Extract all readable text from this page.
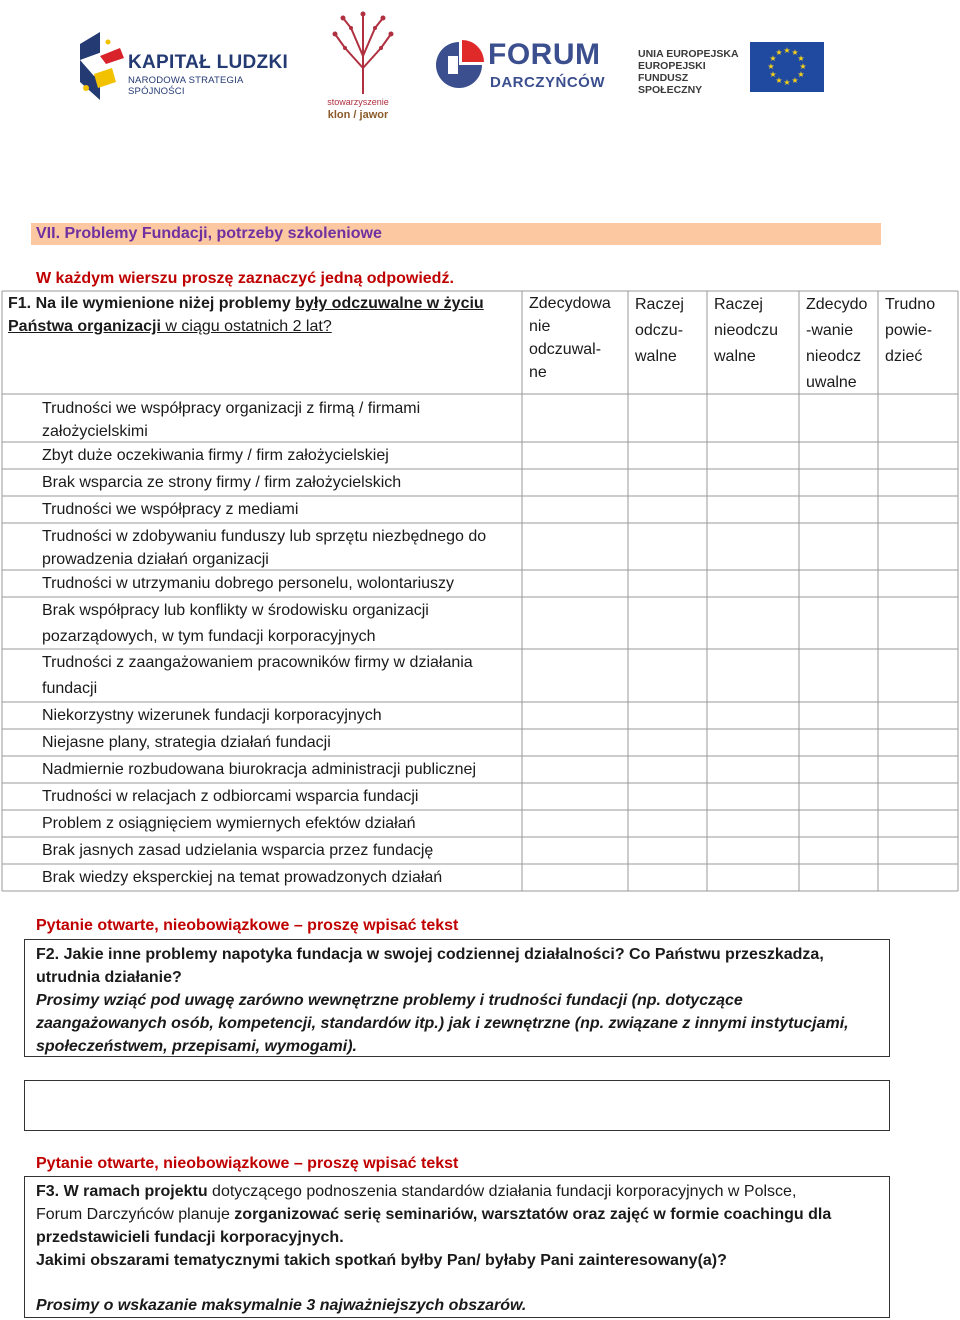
KAPITAŁ LUDZKI
NARODOWA STRATEGIA SPÓJNOŚCI
stowarzyszenie
klon / jawor
FORUM
DARCZYŃCÓW
UNIA EUROPEJSKA
EUROPEJSKI
FUNDUSZ SPOŁECZNY
★ ★
★
★
★
★
★
★
★
★
★
★
VII. Problemy Fundacji, potrzeby szkoleniowe
W każdym wierszu proszę zaznaczyć jedną odpowiedź.
F1. Na ile wymienione niżej problemy były odczuwalne w życiu Państwa organizacji w ciągu ostatnich 2 lat?
Zdecydowa
nie
odczuwal-
ne
Raczej
odczu-
walne
Raczej
nieodczu
walne
Zdecydo
-wanie
nieodcz
uwalne
Trudno
powie-
dzieć
Trudności we współpracy organizacji z firmą / firmami
założycielskimi
Zbyt duże oczekiwania firmy / firm założycielskiej
Brak wsparcia ze strony firmy / firm założycielskich
Trudności we współpracy z mediami
Trudności w zdobywaniu funduszy lub sprzętu niezbędnego do
prowadzenia działań organizacji
Trudności w utrzymaniu dobrego personelu, wolontariuszy
Brak współpracy lub konflikty w środowisku organizacji
pozarządowych, w tym fundacji korporacyjnych
Trudności z zaangażowaniem pracowników firmy w działania
fundacji
Niekorzystny wizerunek fundacji korporacyjnych
Niejasne plany, strategia działań fundacji
Nadmiernie rozbudowana biurokracja administracji publicznej
Trudności w relacjach z odbiorcami wsparcia fundacji
Problem z osiągnięciem wymiernych efektów działań
Brak jasnych zasad udzielania wsparcia przez fundację
Brak wiedzy eksperckiej na temat prowadzonych działań
Pytanie otwarte, nieobowiązkowe – proszę wpisać tekst
F2. Jakie inne problemy napotyka fundacja w swojej codziennej działalności? Co Państwu przeszkadza,
utrudnia działanie?
Prosimy wziąć pod uwagę zarówno wewnętrzne problemy i trudności fundacji (np. dotyczące
zaangażowanych osób, kompetencji, standardów itp.) jak i zewnętrzne (np. związane z innymi instytucjami,
społeczeństwem, przepisami, wymogami).
Pytanie otwarte, nieobowiązkowe – proszę wpisać tekst
F3. W ramach projektu dotyczącego podnoszenia standardów działania fundacji korporacyjnych w Polsce,
Forum Darczyńców planuje zorganizować serię seminariów, warsztatów oraz zajęć w formie coachingu dla
przedstawicieli fundacji korporacyjnych.
Jakimi obszarami tematycznymi takich spotkań byłby Pan/ byłaby Pani zainteresowany(a)?
Prosimy o wskazanie maksymalnie 3 najważniejszych obszarów.
